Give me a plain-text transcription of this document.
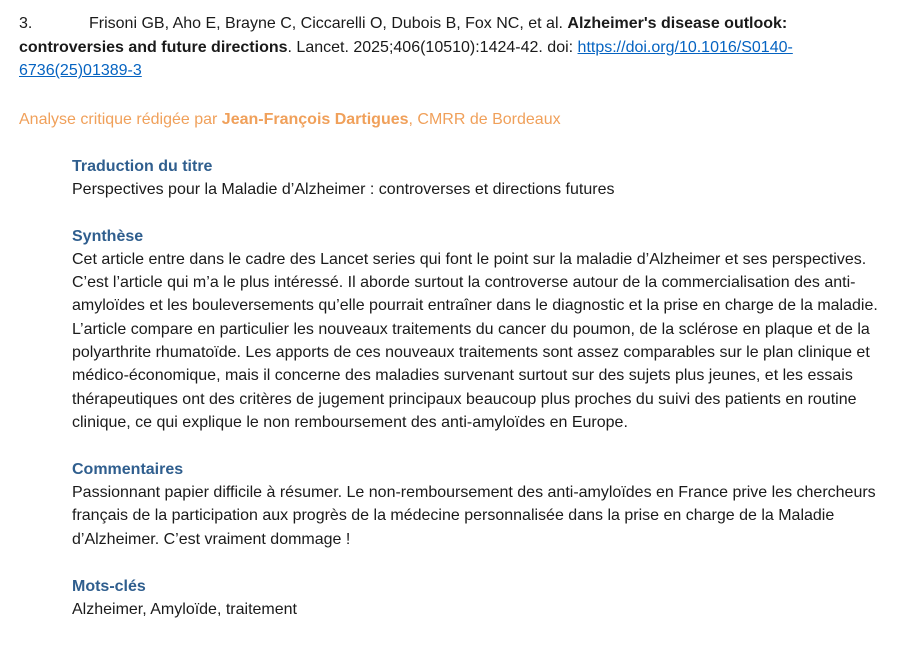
3.	Frisoni GB, Aho E, Brayne C, Ciccarelli O, Dubois B, Fox NC, et al. Alzheimer's disease outlook: controversies and future directions. Lancet. 2025;406(10510):1424-42. doi: https://doi.org/10.1016/S0140-6736(25)01389-3

Analyse critique rédigée par Jean-François Dartigues, CMRR de Bordeaux
Traduction du titre

Perspectives pour la Maladie d’Alzheimer : controverses et directions futures

Synthèse

Cet article entre dans le cadre des Lancet series qui font le point sur la maladie d’Alzheimer et ses perspectives. C’est l’article qui m’a le plus intéressé. Il aborde surtout la controverse autour de la commercialisation des anti-amyloïdes et les bouleversements qu’elle pourrait entraîner dans le diagnostic et la prise en charge de la maladie. L’article compare en particulier les nouveaux traitements du cancer du poumon, de la sclérose en plaque et de la polyarthrite rhumatoïde. Les apports de ces nouveaux traitements sont assez comparables sur le plan clinique et médico-économique, mais il concerne des maladies survenant surtout sur des sujets plus jeunes, et les essais thérapeutiques ont des critères de jugement principaux beaucoup plus proches du suivi des patients en routine clinique, ce qui explique le non remboursement des anti-amyloïdes en Europe.

Commentaires

Passionnant papier difficile à résumer. Le non-remboursement des anti-amyloïdes en France prive les chercheurs français de la participation aux progrès de la médecine personnalisée dans la prise en charge de la Maladie d’Alzheimer. C’est vraiment dommage !

Mots-clés

Alzheimer, Amyloïde, traitement
